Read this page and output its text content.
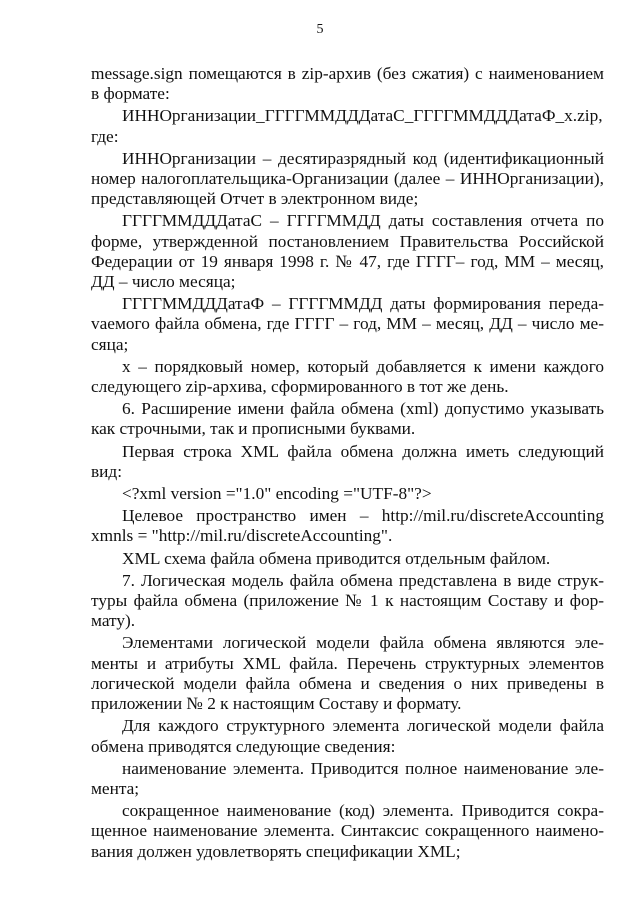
5

message.sign помещаются в zip-архив (без сжатия) с наименованием в формате:

ИННОрганизации_ГГГГММДДДатаС_ГГГГММДДДатаФ_x.zip, где:

ИННОрганизации – десятиразрядный код (идентификационный номер налогоплательщика-Организации (далее – ИННОрганизации), представляющей Отчет в электронном виде;

ГГГГММДДДатаС – ГГГГММДД даты составления отчета по форме, утвержденной постановлением Правительства Российской Федерации от 19 января 1998 г. № 47, где ГГГГ– год, ММ – месяц, ДД – число месяца;

ГГГГММДДДатаФ – ГГГГММДД даты формирования передаvаемого файла обмена, где ГГГГ – год, ММ – месяц, ДД – число месяца;

x – порядковый номер, который добавляется к имени каждого следующего zip-архива, сформированного в тот же день.

6. Расширение имени файла обмена (xml) допустимо указывать как строчными, так и прописными буквами.

Первая строка XML файла обмена должна иметь следующий вид:

<?xml version ="1.0" encoding ="UTF-8"?>

Целевое пространство имен – http://mil.ru/discreteAccounting xmnls = "http://mil.ru/discreteAccounting".

XML схема файла обмена приводится отдельным файлом.

7. Логическая модель файла обмена представлена в виде структуры файла обмена (приложение № 1 к настоящим Составу и формату).

Элементами логической модели файла обмена являются элементы и атрибуты XML файла. Перечень структурных элементов логической модели файла обмена и сведения о них приведены в приложении № 2 к настоящим Составу и формату.

Для каждого структурного элемента логической модели файла обмена приводятся следующие сведения:

наименование элемента. Приводится полное наименование элемента;

сокращенное наименование (код) элемента. Приводится сокращенное наименование элемента. Синтаксис сокращенного наименования должен удовлетворять спецификации XML;
